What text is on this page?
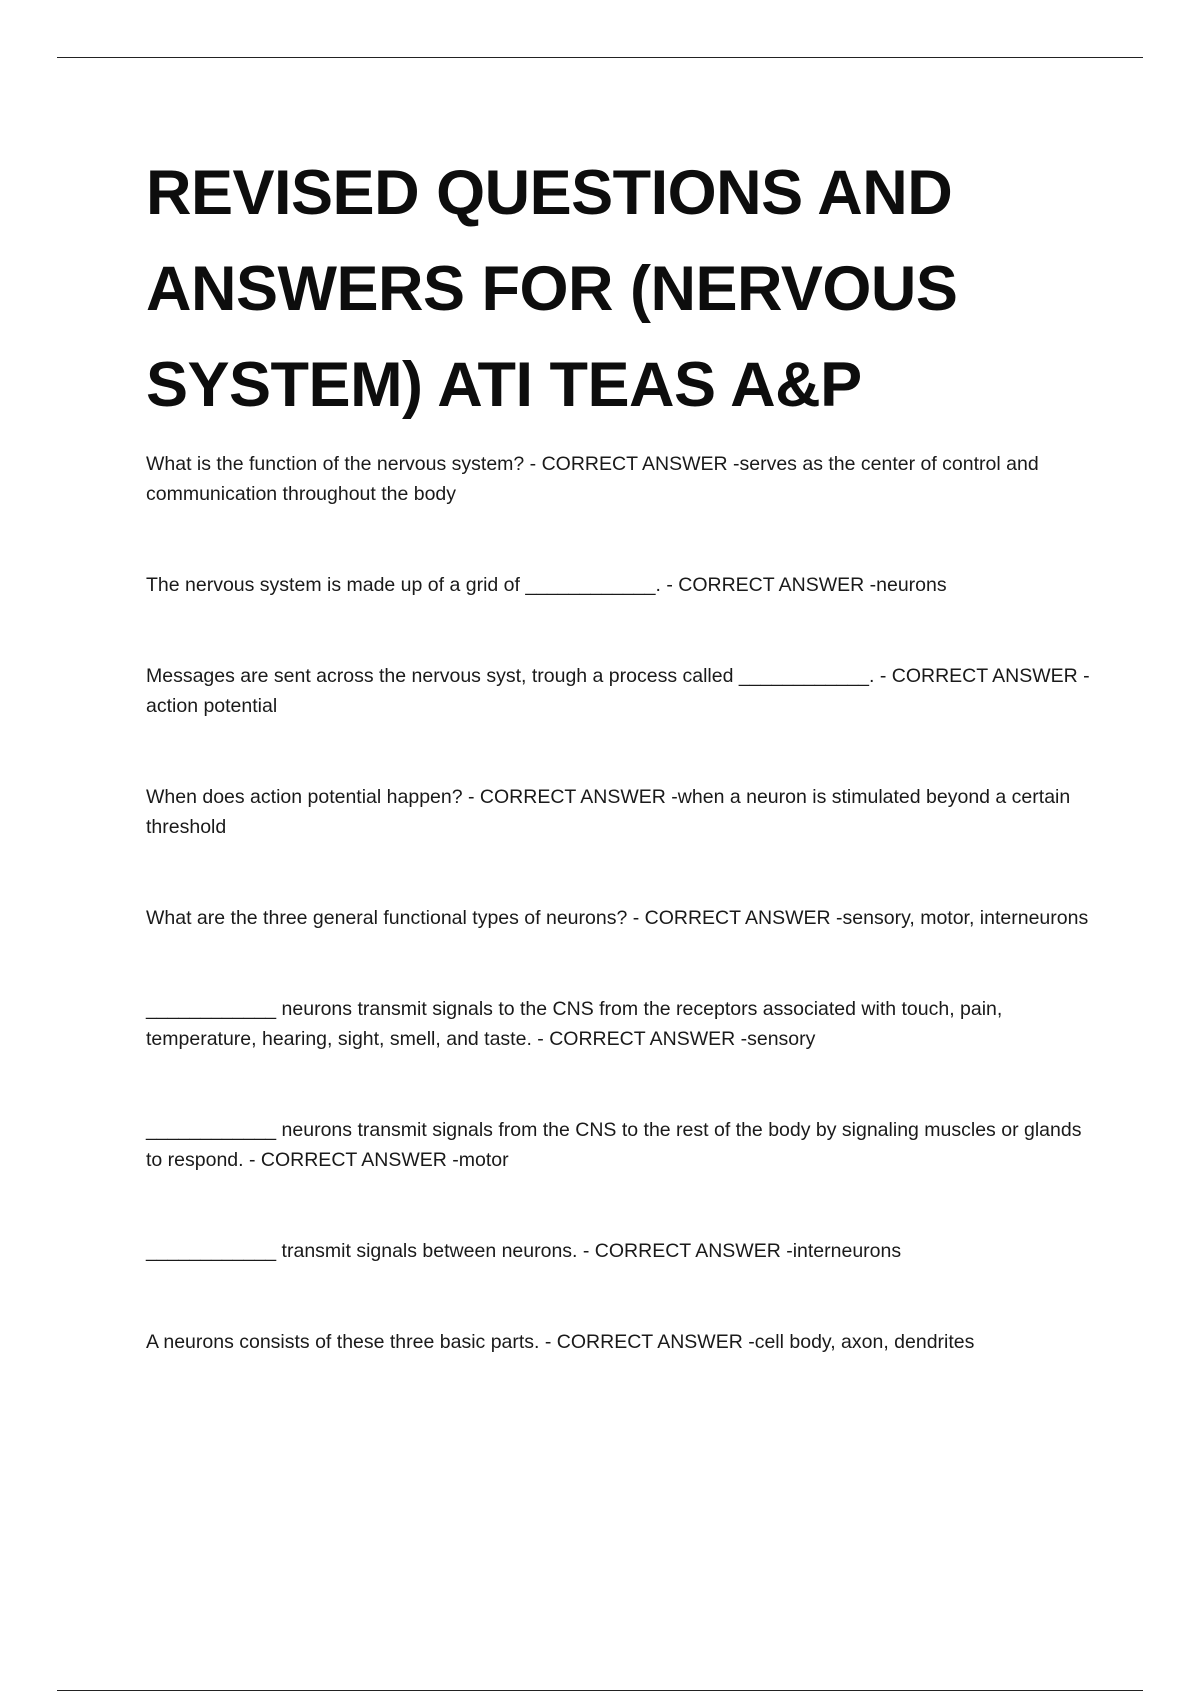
REVISED QUESTIONS AND ANSWERS FOR (NERVOUS SYSTEM) ATI TEAS A&P

What is the function of the nervous system? - CORRECT ANSWER -serves as the center of control and communication throughout the body

The nervous system is made up of a grid of ____________. - CORRECT ANSWER -neurons

Messages are sent across the nervous syst, trough a process called ____________. - CORRECT ANSWER - action potential

When does action potential happen? - CORRECT ANSWER -when a neuron is stimulated beyond a certain threshold

What are the three general functional types of neurons? - CORRECT ANSWER -sensory, motor, interneurons

____________ neurons transmit signals to the CNS from the receptors associated with touch, pain, temperature, hearing, sight, smell, and taste. - CORRECT ANSWER -sensory

____________ neurons transmit signals from the CNS to the rest of the body by signaling muscles or glands to respond. - CORRECT ANSWER -motor

____________ transmit signals between neurons. - CORRECT ANSWER -interneurons

A neurons consists of these three basic parts. - CORRECT ANSWER -cell body, axon, dendrites
